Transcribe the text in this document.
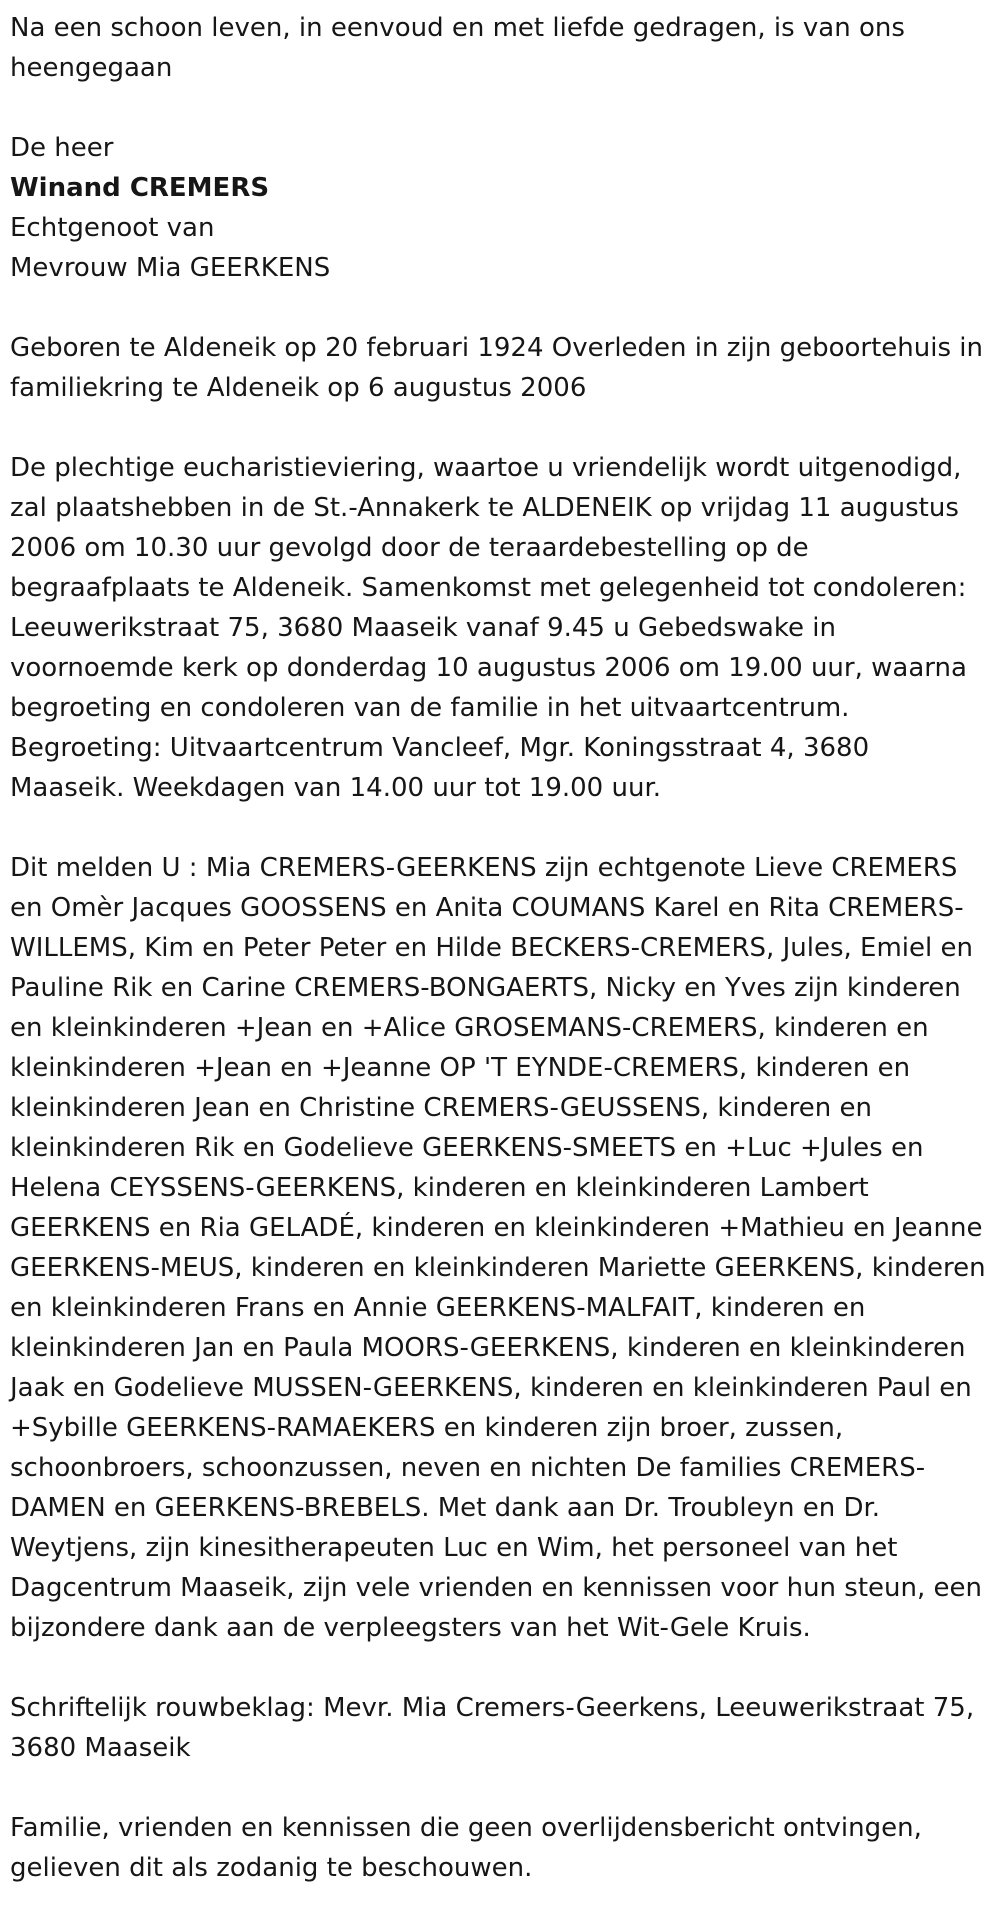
Na een schoon leven, in eenvoud en met liefde gedragen, is van ons heengegaan

De heer

Winand CREMERS

Echtgenoot van

Mevrouw Mia GEERKENS

Geboren te Aldeneik op 20 februari 1924 Overleden in zijn geboortehuis in familiekring te Aldeneik op 6 augustus 2006

De plechtige eucharistieviering, waartoe u vriendelijk wordt uitgenodigd, zal plaatshebben in de St.-Annakerk te ALDENEIK op vrijdag 11 augustus 2006 om 10.30 uur gevolgd door de teraardebestelling op de begraafplaats te Aldeneik. Samenkomst met gelegenheid tot condoleren: Leeuwerikstraat 75, 3680 Maaseik vanaf 9.45 u Gebedswake in voornoemde kerk op donderdag 10 augustus 2006 om 19.00 uur, waarna begroeting en condoleren van de familie in het uitvaartcentrum. Begroeting: Uitvaartcentrum Vancleef, Mgr. Koningsstraat 4, 3680 Maaseik. Weekdagen van 14.00 uur tot 19.00 uur.

Dit melden U : Mia CREMERS-GEERKENS zijn echtgenote Lieve CREMERS en Omèr Jacques GOOSSENS en Anita COUMANS Karel en Rita CREMERS-WILLEMS, Kim en Peter Peter en Hilde BECKERS-CREMERS, Jules, Emiel en Pauline Rik en Carine CREMERS-BONGAERTS, Nicky en Yves zijn kinderen en kleinkinderen +Jean en +Alice GROSEMANS-CREMERS, kinderen en kleinkinderen +Jean en +Jeanne OP 'T EYNDE-CREMERS, kinderen en kleinkinderen Jean en Christine CREMERS-GEUSSENS, kinderen en kleinkinderen Rik en Godelieve GEERKENS-SMEETS en +Luc +Jules en Helena CEYSSENS-GEERKENS, kinderen en kleinkinderen Lambert GEERKENS en Ria GELADÉ, kinderen en kleinkinderen +Mathieu en Jeanne GEERKENS-MEUS, kinderen en kleinkinderen Mariette GEERKENS, kinderen en kleinkinderen Frans en Annie GEERKENS-MALFAIT, kinderen en kleinkinderen Jan en Paula MOORS-GEERKENS, kinderen en kleinkinderen Jaak en Godelieve MUSSEN-GEERKENS, kinderen en kleinkinderen Paul en +Sybille GEERKENS-RAMAEKERS en kinderen zijn broer, zussen, schoonbroers, schoonzussen, neven en nichten De families CREMERS-DAMEN en GEERKENS-BREBELS. Met dank aan Dr. Troubleyn en Dr. Weytjens, zijn kinesitherapeuten Luc en Wim, het personeel van het Dagcentrum Maaseik, zijn vele vrienden en kennissen voor hun steun, een bijzondere dank aan de verpleegsters van het Wit-Gele Kruis.

Schriftelijk rouwbeklag: Mevr. Mia Cremers-Geerkens, Leeuwerikstraat 75, 3680 Maaseik

Familie, vrienden en kennissen die geen overlijdensbericht ontvingen, gelieven dit als zodanig te beschouwen.
